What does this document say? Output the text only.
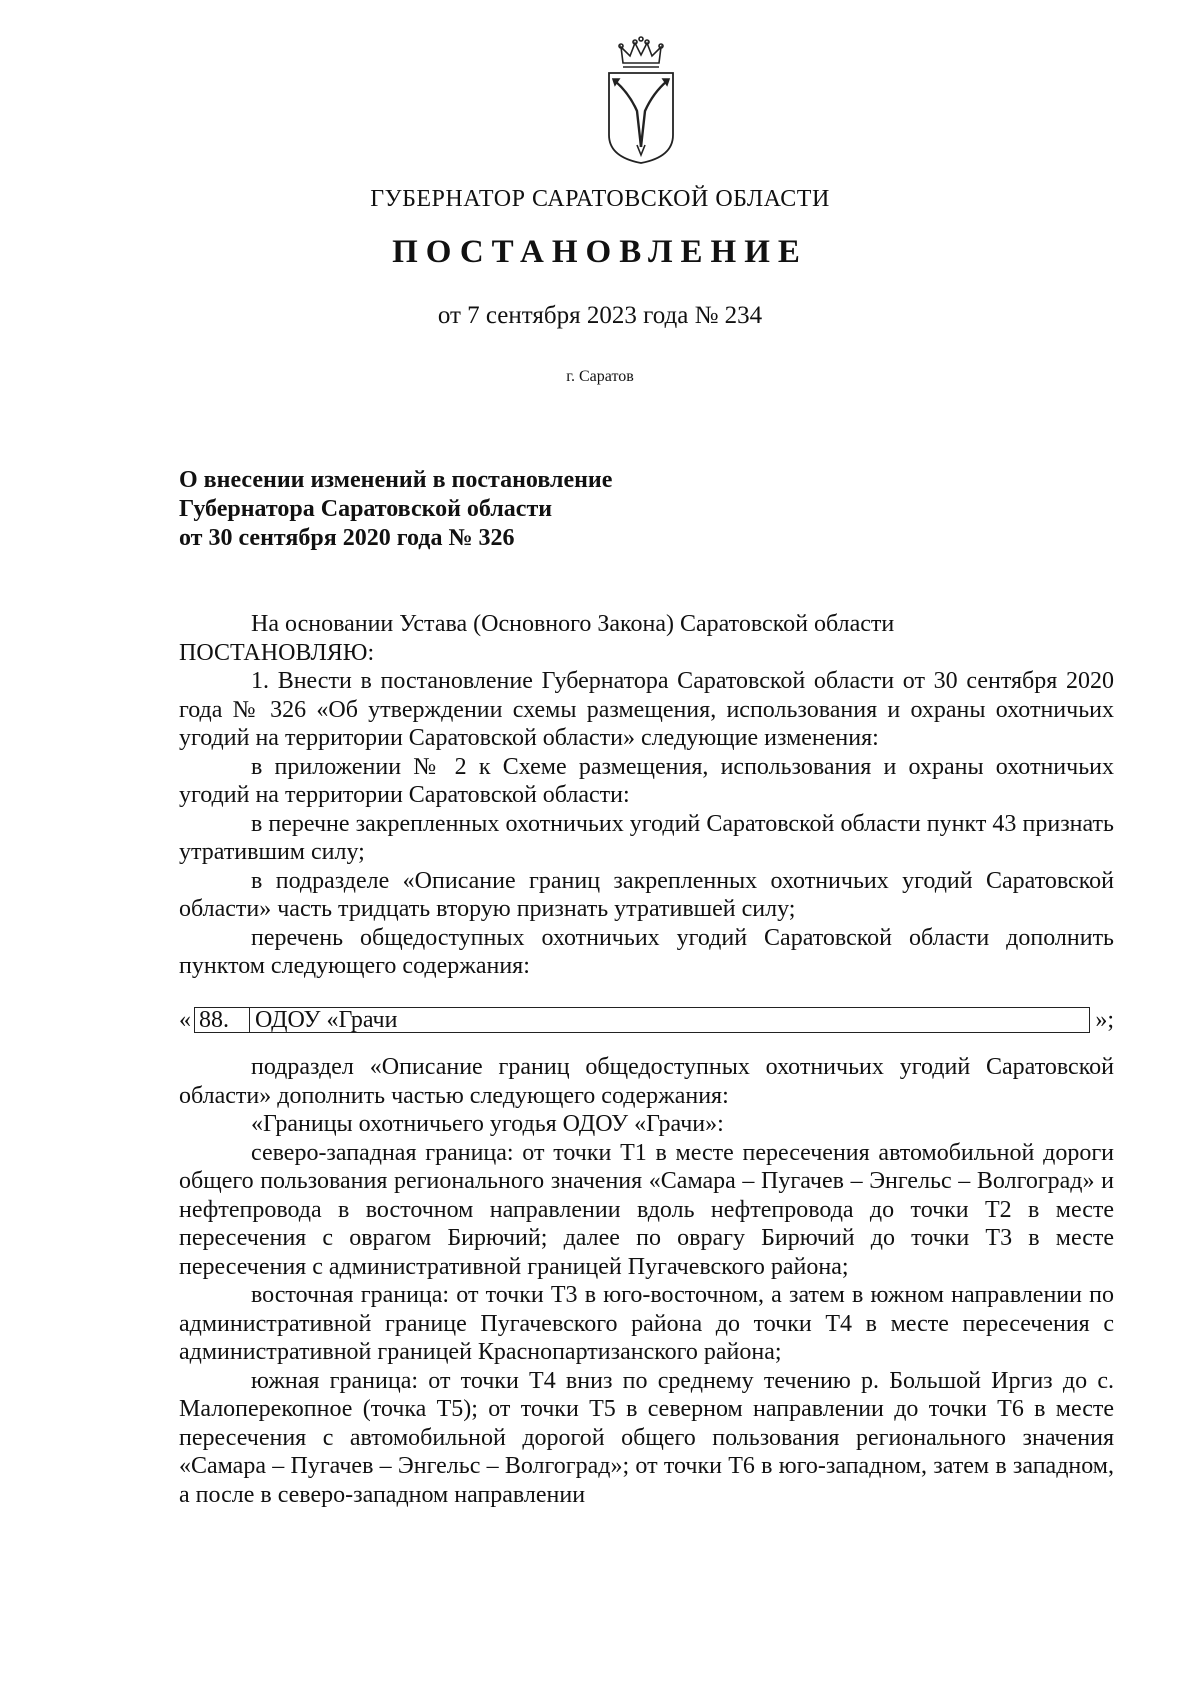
ГУБЕРНАТОР САРАТОВСКОЙ ОБЛАСТИ
ПОСТАНОВЛЕНИЕ
от 7 сентября 2023 года № 234
г. Саратов
О внесении изменений в постановление
Губернатора Саратовской области
от 30 сентября 2020 года № 326

На основании Устава (Основного Закона) Саратовской области

ПОСТАНОВЛЯЮ:

1. Внести в постановление Губернатора Саратовской области от 30 сентября 2020 года № 326 «Об утверждении схемы размещения, использования и охраны охотничьих угодий на территории Саратовской области» следующие изменения:

в приложении № 2 к Схеме размещения, использования и охраны охотничьих угодий на территории Саратовской области:

в перечне закрепленных охотничьих угодий Саратовской области пункт 43 признать утратившим силу;

в подразделе «Описание границ закрепленных охотничьих угодий Саратовской области» часть тридцать вторую признать утратившей силу;

перечень общедоступных охотничьих угодий Саратовской области дополнить пунктом следующего содержания:

« 88.	ОДОУ «Грачи	»;

подраздел «Описание границ общедоступных охотничьих угодий Саратовской области» дополнить частью следующего содержания:

«Границы охотничьего угодья ОДОУ «Грачи»:

северо-западная граница: от точки Т1 в месте пересечения автомобильной дороги общего пользования регионального значения «Самара – Пугачев – Энгельс – Волгоград» и нефтепровода в восточном направлении вдоль нефтепровода до точки Т2 в месте пересечения с оврагом Бирючий; далее по оврагу Бирючий до точки Т3 в месте пересечения с административной границей Пугачевского района;

восточная граница: от точки Т3 в юго-восточном, а затем в южном направлении по административной границе Пугачевского района до точки Т4 в месте пересечения с административной границей Краснопартизанского района;

южная граница: от точки Т4 вниз по среднему течению р. Большой Иргиз до с. Малоперекопное (точка Т5); от точки Т5 в северном направлении до точки Т6 в месте пересечения с автомобильной дорогой общего пользования регионального значения «Самара – Пугачев – Энгельс – Волгоград»; от точки Т6 в юго-западном, затем в западном, а после в северо-западном направлении
